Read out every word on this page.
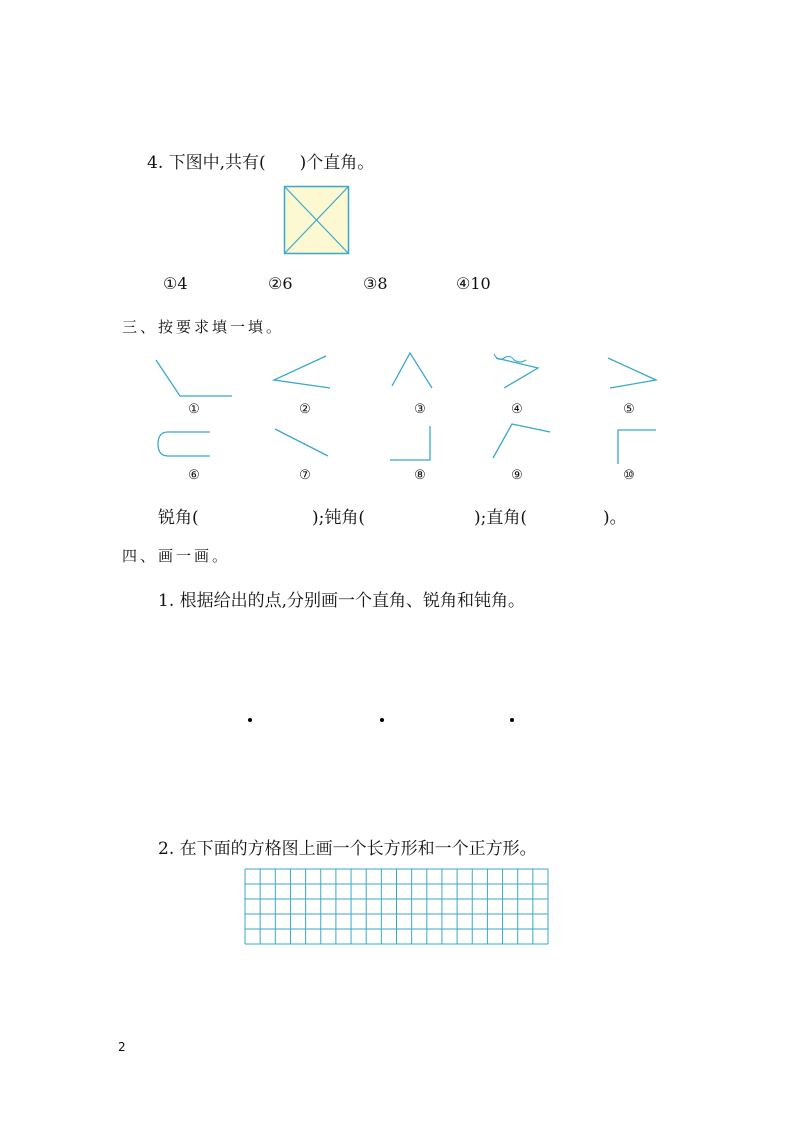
4. 下图中,共有(　　)个直角。
①4	②6	③8	④10
三、按要求填一填。
①	②	③	④	⑤
⑥	⑦	⑧	⑨	⑩
锐角(	);钝角(	);直角(	)。
四、画一画。
1. 根据给出的点,分别画一个直角、锐角和钝角。
2. 在下面的方格图上画一个长方形和一个正方形。
2
